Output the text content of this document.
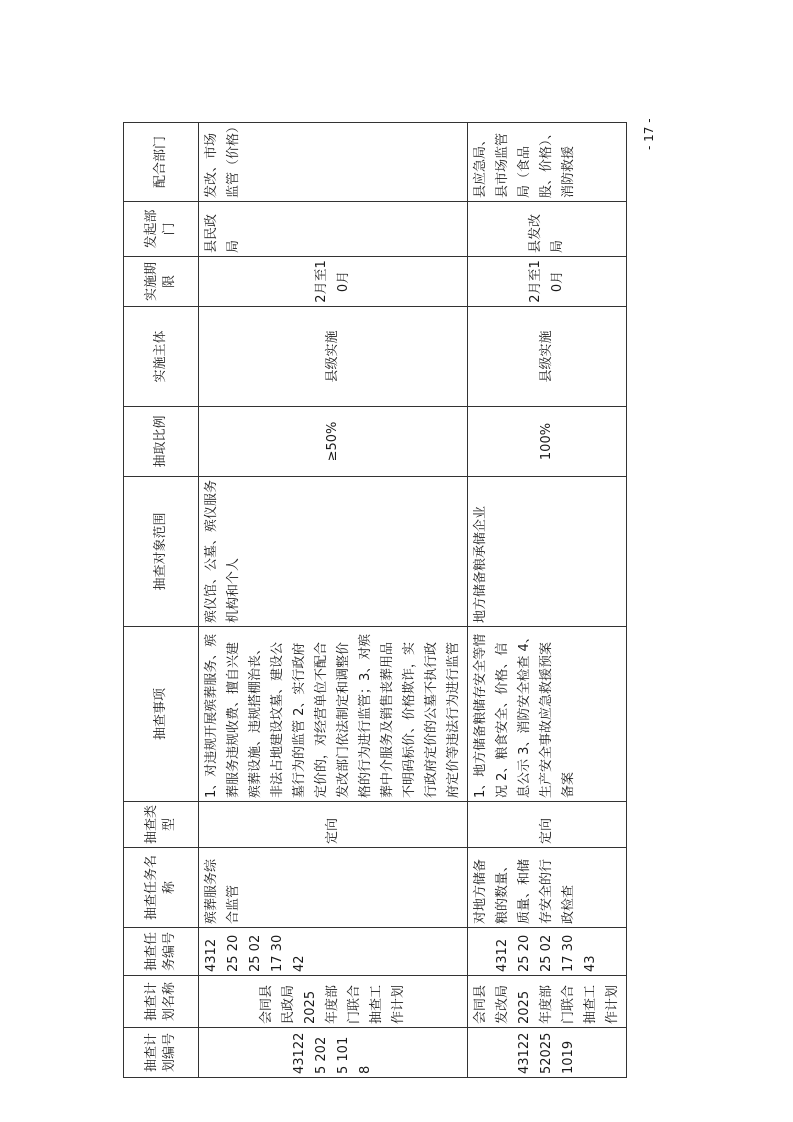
抽查计划编号	抽查计划名称	抽查任务编号	抽查任务名称	抽查类型	抽查事项	抽查对象范围	抽取比例	实施主体	实施期限	发起部门	配合部门
431225 2025 1018	会同县民政局 2025年度部门联合抽查工作计划	431225 2025 0217 3042	殡葬服务综合监管	定向	1、对违规开展殡葬服务、殡葬服务违规收费、擅自兴建殡葬设施、违规搭棚治丧、非法占地建设坟墓、建设公墓行为的监管 2、实行政府定价的，对经营单位不配合发改部门依法制定和调整价格的行为进行监管；3、对殡葬中介服务及销售丧葬用品不明码标价、价格欺诈，实行政府定价的公墓不执行政府定价等违法行为进行监管	殡仪馆、公墓、殡仪服务机构和个人	≥50%	县级实施	2月至10月	县民政局	发改、市场监管（价格）
43122 52025 1019	会同县发改局 2025年度部门联合抽查工作计划	431225 2025 0217 3043	对地方储备粮的数量、质量、和储存安全的行政检查	定向	1、地方储备粮储存安全等情况 2、粮食安全、价格、信息公示 3、消防安全检查 4、生产安全事故应急救援预案备案	地方储备粮承储企业	100%	县级实施	2月至10月	县发改局	县应急局、县市场监管局（食品股、价格）、消防救援
- 17 -
